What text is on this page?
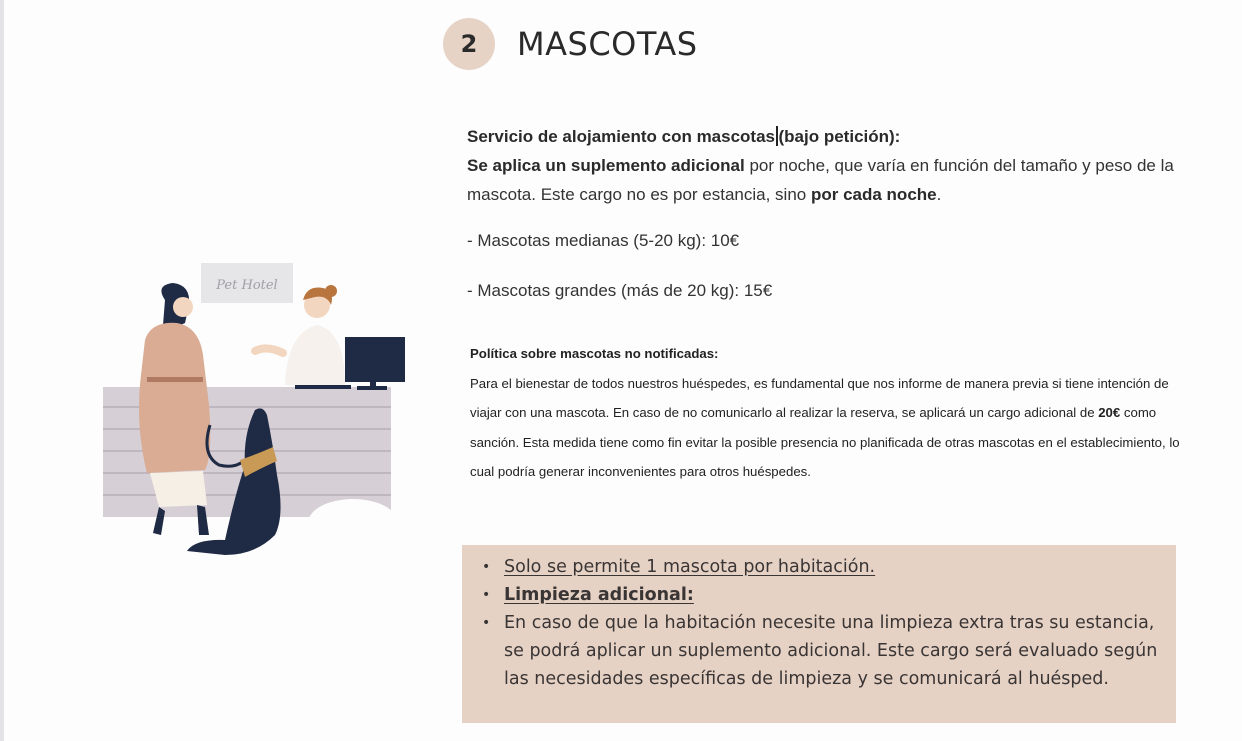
2 MASCOTAS
Pet Hotel
Servicio de alojamiento con mascotas (bajo petición):
Se aplica un suplemento adicional por noche, que varía en función del tamaño y peso de la mascota. Este cargo no es por estancia, sino por cada noche.
- Mascotas medianas (5-20 kg): 10€
- Mascotas grandes (más de 20 kg): 15€
Política sobre mascotas no notificadas:
Para el bienestar de todos nuestros huéspedes, es fundamental que nos informe de manera previa si tiene intención de viajar con una mascota. En caso de no comunicarlo al realizar la reserva, se aplicará un cargo adicional de 20€ como sanción. Esta medida tiene como fin evitar la posible presencia no planificada de otras mascotas en el establecimiento, lo cual podría generar inconvenientes para otros huéspedes.
• Solo se permite 1 mascota por habitación.
• Limpieza adicional:
• En caso de que la habitación necesite una limpieza extra tras su estancia, se podrá aplicar un suplemento adicional. Este cargo será evaluado según las necesidades específicas de limpieza y se comunicará al huésped.
